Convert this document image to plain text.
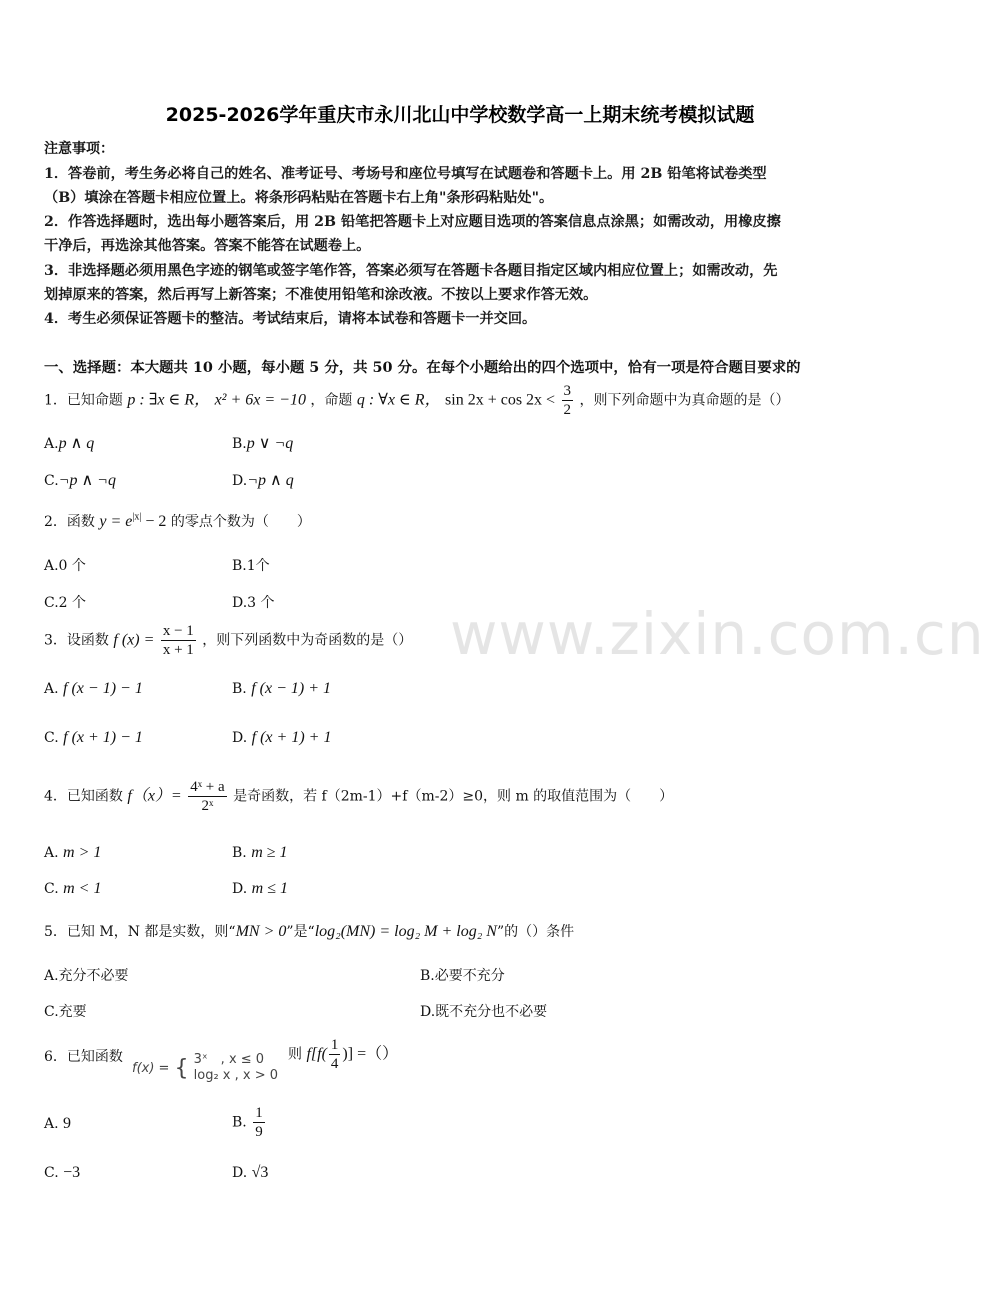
www.zixin.com.cn
2025-2026学年重庆市永川北山中学校数学高一上期末统考模拟试题
注意事项：
1．答卷前，考生务必将自己的姓名、准考证号、考场号和座位号填写在试题卷和答题卡上。用 2B 铅笔将试卷类型
（B）填涂在答题卡相应位置上。将条形码粘贴在答题卡右上角"条形码粘贴处"。
2．作答选择题时，选出每小题答案后，用 2B 铅笔把答题卡上对应题目选项的答案信息点涂黑；如需改动，用橡皮擦
干净后，再选涂其他答案。答案不能答在试题卷上。
3．非选择题必须用黑色字迹的钢笔或签字笔作答，答案必须写在答题卡各题目指定区域内相应位置上；如需改动，先
划掉原来的答案，然后再写上新答案；不准使用铅笔和涂改液。不按以上要求作答无效。
4．考生必须保证答题卡的整洁。考试结束后，请将本试卷和答题卡一并交回。
一、选择题：本大题共 10 小题，每小题 5 分，共 50 分。在每个小题给出的四个选项中，恰有一项是符合题目要求的
1．已知命题 p : ∃x ∈ R， x² + 6x = −10 ，命题 q : ∀x ∈ R， $\sin 2x + \cos 2x < \frac{3}{2}$ ，则下列命题中为真命题的是（）
A.p ∧ q	B.p ∨ ¬q
C.¬p ∧ ¬q	D.¬p ∧ q
2．函数 $y = e^{|x|} - 2$ 的零点个数为（　　）
A.0 个	B.1个
C.2 个	D.3 个
3．设函数 f $(x) = \frac{x - 1}{x + 1}$ ，则下列函数中为奇函数的是（）
A. f (x − 1) − 1	B. f (x − 1) + 1
C. f (x + 1) − 1	D. f (x + 1) + 1
4．已知函数 $f(x)= \frac{\text{4ˣ + a}}{\text{2ˣ}}$ 是奇函数，若 f（2m-1）+f（m-2）≥0，则 m 的取值范围为（　　）
A. m > 1	B. m ≥ 1
C. m < 1	D. m ≤ 1
5．已知 M，N 都是实数，则“MN > 0”是“log₂(MN) = log₂ M + log₂ N”的（）条件
A.充分不必要	B.必要不充分
C.充要	D.既不充分也不必要
6．已知函数
f(x) = { 3ˣ　, x ≤ 0
log₂ x , x > 0
则 $f[f( \frac{1}{4}$ )] =（）
A. 9	B. $\frac{1}{9}$
C. −3	D. √3
